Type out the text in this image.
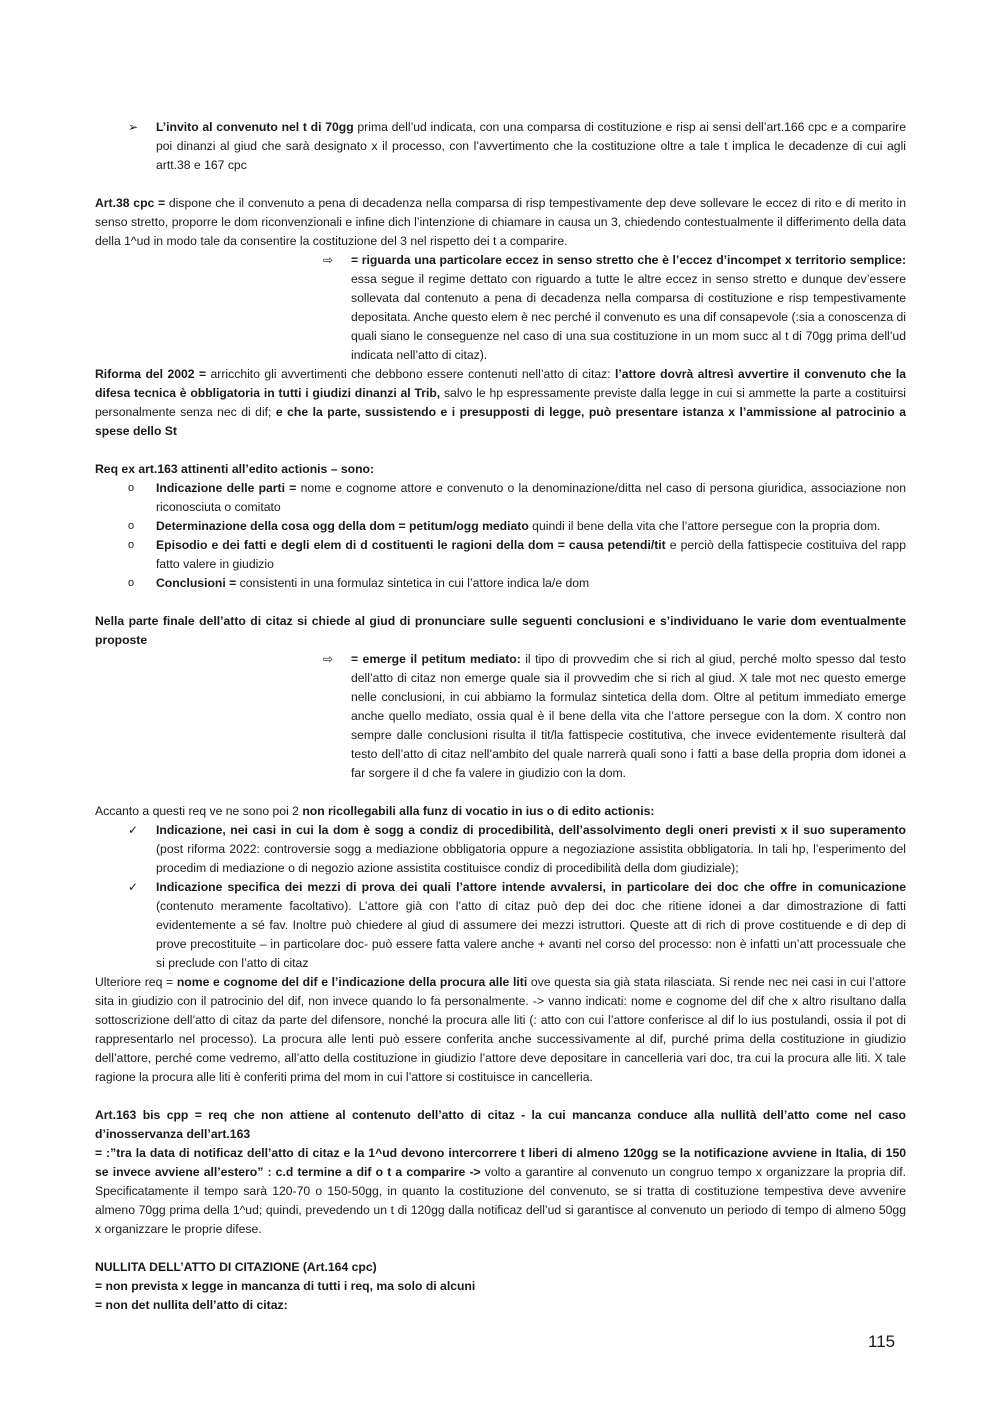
➢ L’invito al convenuto nel t di 70gg prima dell’ud indicata, con una comparsa di costituzione e risp ai sensi dell’art.166 cpc e a comparire poi dinanzi al giud che sarà designato x il processo, con l’avvertimento che la costituzione oltre a tale t implica le decadenze di cui agli artt.38 e 167 cpc

Art.38 cpc = dispone che il convenuto a pena di decadenza nella comparsa di risp tempestivamente dep deve sollevare le eccez di rito e di merito in senso stretto, proporre le dom riconvenzionali e infine dich l’intenzione di chiamare in causa un 3, chiedendo contestualmente il differimento della data della 1^ud in modo tale da consentire la costituzione del 3 nel rispetto dei t a comparire.

⇨ = riguarda una particolare eccez in senso stretto che è l’eccez d’incompet x territorio semplice: essa segue il regime dettato con riguardo a tutte le altre eccez in senso stretto e dunque dev’essere sollevata dal contenuto a pena di decadenza nella comparsa di costituzione e risp tempestivamente depositata. Anche questo elem è nec perché il convenuto es una dif consapevole (:sia a conoscenza di quali siano le conseguenze nel caso di una sua costituzione in un mom succ al t di 70gg prima dell’ud indicata nell’atto di citaz).

Riforma del 2002 = arricchito gli avvertimenti che debbono essere contenuti nell’atto di citaz: l’attore dovrà altresì avvertire il convenuto che la difesa tecnica è obbligatoria in tutti i giudizi dinanzi al Trib, salvo le hp espressamente previste dalla legge in cui si ammette la parte a costituirsi personalmente senza nec di dif; e che la parte, sussistendo e i presupposti di legge, può presentare istanza x l’ammissione al patrocinio a spese dello St

Req ex art.163 attinenti all’edito actionis – sono:

o Indicazione delle parti = nome e cognome attore e convenuto o la denominazione/ditta nel caso di persona giuridica, associazione non riconosciuta o comitato

o Determinazione della cosa ogg della dom = petitum/ogg mediato quindi il bene della vita che l’attore persegue con la propria dom.

o Episodio e dei fatti e degli elem di d costituenti le ragioni della dom = causa petendi/tit e perciò della fattispecie costituiva del rapp fatto valere in giudizio

o Conclusioni = consistenti in una formulaz sintetica in cui l’attore indica la/e dom

Nella parte finale dell’atto di citaz si chiede al giud di pronunciare sulle seguenti conclusioni e s’individuano le varie dom eventualmente proposte

⇨ = emerge il petitum mediato: il tipo di provvedim che si rich al giud, perché molto spesso dal testo dell’atto di citaz non emerge quale sia il provvedim che si rich al giud. X tale mot nec questo emerge nelle conclusioni, in cui abbiamo la formulaz sintetica della dom. Oltre al petitum immediato emerge anche quello mediato, ossia qual è il bene della vita che l’attore persegue con la dom. X contro non sempre dalle conclusioni risulta il tit/la fattispecie costitutiva, che invece evidentemente risulterà dal testo dell’atto di citaz nell’ambito del quale narrerà quali sono i fatti a base della propria dom idonei a far sorgere il d che fa valere in giudizio con la dom.

Accanto a questi req ve ne sono poi 2 non ricollegabili alla funz di vocatio in ius o di edito actionis:

✓ Indicazione, nei casi in cui la dom è sogg a condiz di procedibilità, dell’assolvimento degli oneri previsti x il suo superamento (post riforma 2022: controversie sogg a mediazione obbligatoria oppure a negoziazione assistita obbligatoria. In tali hp, l’esperimento del procedim di mediazione o di negozio azione assistita costituisce condiz di procedibilità della dom giudiziale);

✓ Indicazione specifica dei mezzi di prova dei quali l’attore intende avvalersi, in particolare dei doc che offre in comunicazione (contenuto meramente facoltativo). L’attore già con l’atto di citaz può dep dei doc che ritiene idonei a dar dimostrazione di fatti evidentemente a sé fav. Inoltre può chiedere al giud di assumere dei mezzi istruttori. Queste att di rich di prove costituende e di dep di prove precostituite – in particolare doc- può essere fatta valere anche + avanti nel corso del processo: non è infatti un’att processuale che si preclude con l’atto di citaz

Ulteriore req = nome e cognome del dif e l’indicazione della procura alle liti ove questa sia già stata rilasciata. Si rende nec nei casi in cui l’attore sita in giudizio con il patrocinio del dif, non invece quando lo fa personalmente. -> vanno indicati: nome e cognome del dif che x altro risultano dalla sottoscrizione dell’atto di citaz da parte del difensore, nonché la procura alle liti (: atto con cui l’attore conferisce al dif lo ius postulandi, ossia il pot di rappresentarlo nel processo). La procura alle lenti può essere conferita anche successivamente al dif, purché prima della costituzione in giudizio dell’attore, perché come vedremo, all’atto della costituzione in giudizio l’attore deve depositare in cancelleria vari doc, tra cui la procura alle liti. X tale ragione la procura alle liti è conferiti prima del mom in cui l’attore si costituisce in cancelleria.

Art.163 bis cpp = req che non attiene al contenuto dell’atto di citaz - la cui mancanza conduce alla nullità dell’atto come nel caso d’inosservanza dell’art.163

= :”tra la data di notificaz dell’atto di citaz e la 1^ud devono intercorrere t liberi di almeno 120gg se la notificazione avviene in Italia, di 150 se invece avviene all’estero” : c.d termine a dif o t a comparire -> volto a garantire al convenuto un congruo tempo x organizzare la propria dif. Specificatamente il tempo sarà 120-70 o 150-50gg, in quanto la costituzione del convenuto, se si tratta di costituzione tempestiva deve avvenire almeno 70gg prima della 1^ud; quindi, prevedendo un t di 120gg dalla notificaz dell’ud si garantisce al convenuto un periodo di tempo di almeno 50gg x organizzare le proprie difese.

NULLITA DELL’ATTO DI CITAZIONE (Art.164 cpc)

= non prevista x legge in mancanza di tutti i req, ma solo di alcuni

= non det nullita dell’atto di citaz:

115
